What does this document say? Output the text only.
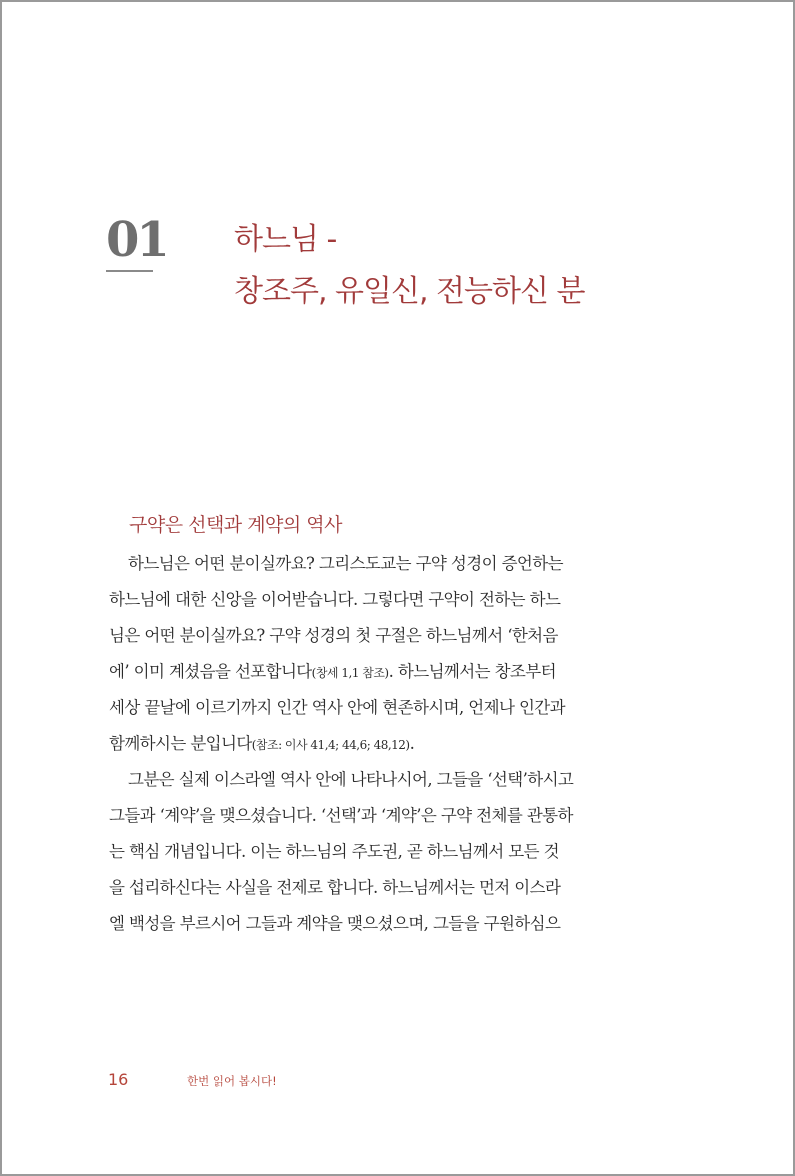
01 하느님 -
창조주, 유일신, 전능하신 분
구약은 선택과 계약의 역사
하느님은 어떤 분이실까요? 그리스도교는 구약 성경이 증언하는
하느님에 대한 신앙을 이어받습니다. 그렇다면 구약이 전하는 하느
님은 어떤 분이실까요? 구약 성경의 첫 구절은 하느님께서 ‘한처음
에’ 이미 계셨음을 선포합니다(창세 1,1 참조). 하느님께서는 창조부터
세상 끝날에 이르기까지 인간 역사 안에 현존하시며, 언제나 인간과
함께하시는 분입니다(참조: 이사 41,4; 44,6; 48,12).
그분은 실제 이스라엘 역사 안에 나타나시어, 그들을 ‘선택’하시고
그들과 ‘계약’을 맺으셨습니다. ‘선택’과 ‘계약’은 구약 전체를 관통하
는 핵심 개념입니다. 이는 하느님의 주도권, 곧 하느님께서 모든 것
을 섭리하신다는 사실을 전제로 합니다. 하느님께서는 먼저 이스라
엘 백성을 부르시어 그들과 계약을 맺으셨으며, 그들을 구원하심으
16	한번 읽어 봅시다!
